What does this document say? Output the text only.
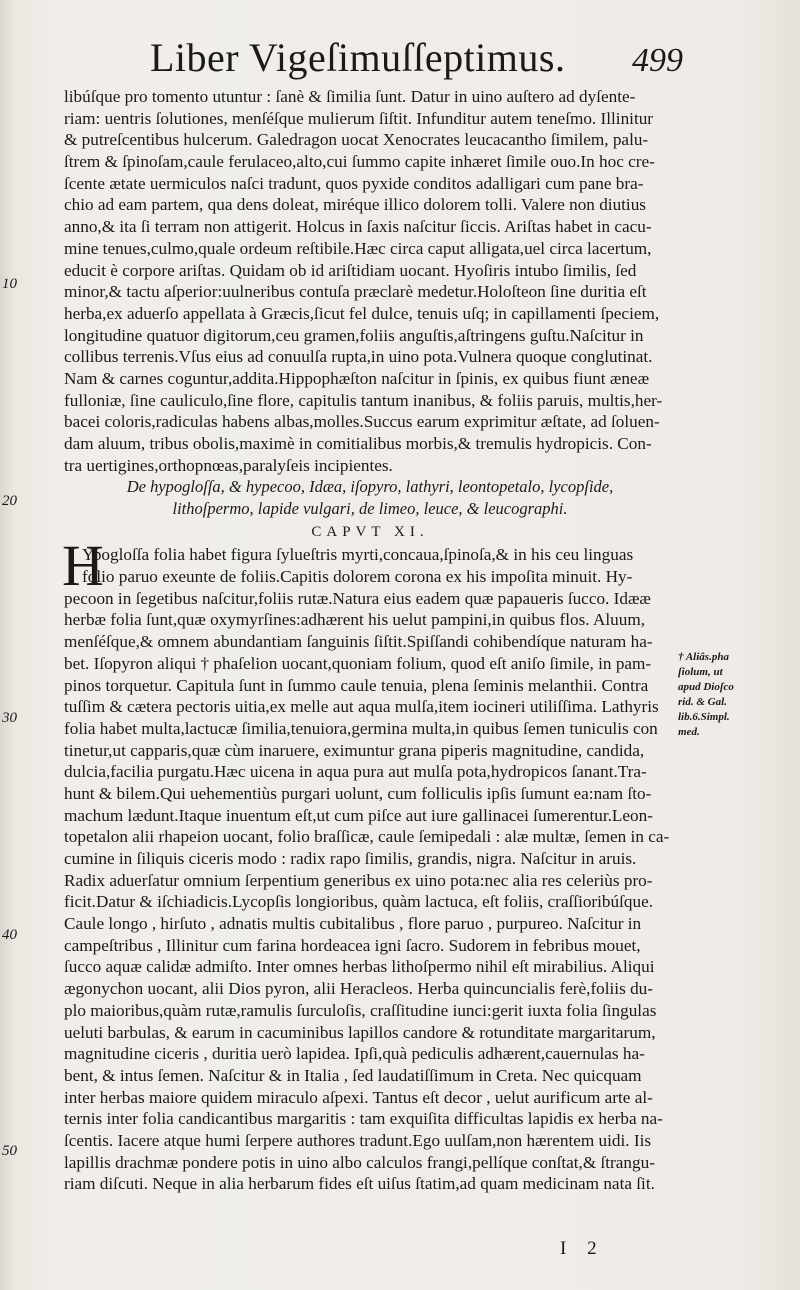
Liber Vigeſimuſſeptimus. 499
libúſque pro tomento utuntur : ſanè & ſimilia ſunt. Datur in uino auſtero ad dyſente-
riam: uentris ſolutiones, menſéſque mulierum ſiſtit. Infunditur autem teneſmo. Illinitur
& putreſcentibus hulcerum. Galedragon uocat Xenocrates leucacantho ſimilem, palu-
ſtrem & ſpinoſam,caule ferulaceo,alto,cui ſummo capite inhæret ſimile ouo.In hoc cre-
ſcente ætate uermiculos naſci tradunt, quos pyxide conditos adalligari cum pane bra-
chio ad eam partem, qua dens doleat, miréque illico dolorem tolli. Valere non diutius
anno,& ita ſi terram non attigerit. Holcus in ſaxis naſcitur ſiccis. Ariſtas habet in cacu-
mine tenues,culmo,quale ordeum reſtibile.Hæc circa caput alligata,uel circa lacertum,
educit è corpore ariſtas. Quidam ob id ariſtidiam uocant. Hyoſiris intubo ſimilis, ſed
minor,& tactu aſperior:uulneribus contuſa præclarè medetur.Holoſteon ſine duritia eſt
herba,ex aduerſo appellata à Græcis,ſicut fel dulce, tenuis uſq; in capillamenti ſpeciem,
longitudine quatuor digitorum,ceu gramen,foliis anguſtis,aſtringens guſtu.Naſcitur in
collibus terrenis.Vſus eius ad conuulſa rupta,in uino pota.Vulnera quoque conglutinat.
Nam & carnes coguntur,addita.Hippophæſton naſcitur in ſpinis, ex quibus fiunt æneæ
fulloniæ, ſine cauliculo,ſine flore, capitulis tantum inanibus, & foliis paruis, multis,her-
bacei coloris,radiculas habens albas,molles.Succus earum exprimitur æſtate, ad ſoluen-
dam aluum, tribus obolis,maximè in comitialibus morbis,& tremulis hydropicis. Con-
tra uertigines,orthopnœas,paralyſeis incipientes.
De hypogloſſa, & hypecoo, Idæa, iſopyro, lathyri, leontopetalo, lycopſide,
lithoſpermo, lapide vulgari, de limeo, leuce, & leucographi.
CAPVT XI.
Ypogloſſa folia habet figura ſylueſtris myrti,concaua,ſpinoſa,& in his ceu linguas
folio paruo exeunte de foliis.Capitis dolorem corona ex his impoſita minuit. Hy-
pecoon in ſegetibus naſcitur,foliis rutæ.Natura eius eadem quæ papaueris ſucco. Idææ
herbæ folia ſunt,quæ oxymyrſines:adhærent his uelut pampini,in quibus flos. Aluum,
menſéſque,& omnem abundantiam ſanguinis ſiſtit.Spiſſandi cohibendíque naturam ha-
bet. Iſopyron aliqui † phaſelion uocant,quoniam folium, quod eſt aniſo ſimile, in pam-
pinos torquetur. Capitula ſunt in ſummo caule tenuia, plena ſeminis melanthii. Contra
tuſſim & cætera pectoris uitia,ex melle aut aqua mulſa,item iocineri utiliſſima. Lathyris
folia habet multa,lactucæ ſimilia,tenuiora,germina multa,in quibus ſemen tuniculis con
tinetur,ut capparis,quæ cùm inaruere, eximuntur grana piperis magnitudine, candida,
dulcia,facilia purgatu.Hæc uicena in aqua pura aut mulſa pota,hydropicos ſanant.Tra-
hunt & bilem.Qui uehementiùs purgari uolunt, cum folliculis ipſis ſumunt ea:nam ſto-
machum lædunt.Itaque inuentum eſt,ut cum piſce aut iure gallinacei ſumerentur.Leon-
topetalon alii rhapeion uocant, folio braſſicæ, caule ſemipedali : alæ multæ, ſemen in ca-
cumine in ſiliquis ciceris modo : radix rapo ſimilis, grandis, nigra. Naſcitur in aruis.
Radix aduerſatur omnium ſerpentium generibus ex uino pota:nec alia res celeriùs pro-
ficit.Datur & iſchiadicis.Lycopſis longioribus, quàm lactuca, eſt foliis, craſſioribúſque.
Caule longo , hirſuto , adnatis multis cubitalibus , flore paruo , purpureo. Naſcitur in
campeſtribus , Illinitur cum farina hordeacea igni ſacro. Sudorem in febribus mouet,
ſucco aquæ calidæ admiſto. Inter omnes herbas lithoſpermo nihil eſt mirabilius. Aliqui
ægonychon uocant, alii Dios pyron, alii Heracleos. Herba quincuncialis ferè,foliis du-
plo maioribus,quàm rutæ,ramulis ſurculoſis, craſſitudine iunci:gerit iuxta folia ſingulas
ueluti barbulas, & earum in cacuminibus lapillos candore & rotunditate margaritarum,
magnitudine ciceris , duritia uerò lapidea. Ipſi,quà pediculis adhærent,cauernulas ha-
bent, & intus ſemen. Naſcitur & in Italia , ſed laudatiſſimum in Creta. Nec quicquam
inter herbas maiore quidem miraculo aſpexi. Tantus eſt decor , uelut aurificum arte al-
ternis inter folia candicantibus margaritis : tam exquiſita difficultas lapidis ex herba na-
ſcentis. Iacere atque humi ſerpere authores tradunt.Ego uulſam,non hærentem uidi. Iis
lapillis drachmæ pondere potis in uino albo calculos frangi,pellíque conſtat,& ſtrangu-
riam diſcuti. Neque in alia herbarum fides eſt uiſus ſtatim,ad quam medicinam nata ſit.
H
10
20
30
40
50
† Aliâs.pha
ſiolum, ut
apud Dioſco
rid. & Gal.
lib.6.Simpl.
med.
I 2
